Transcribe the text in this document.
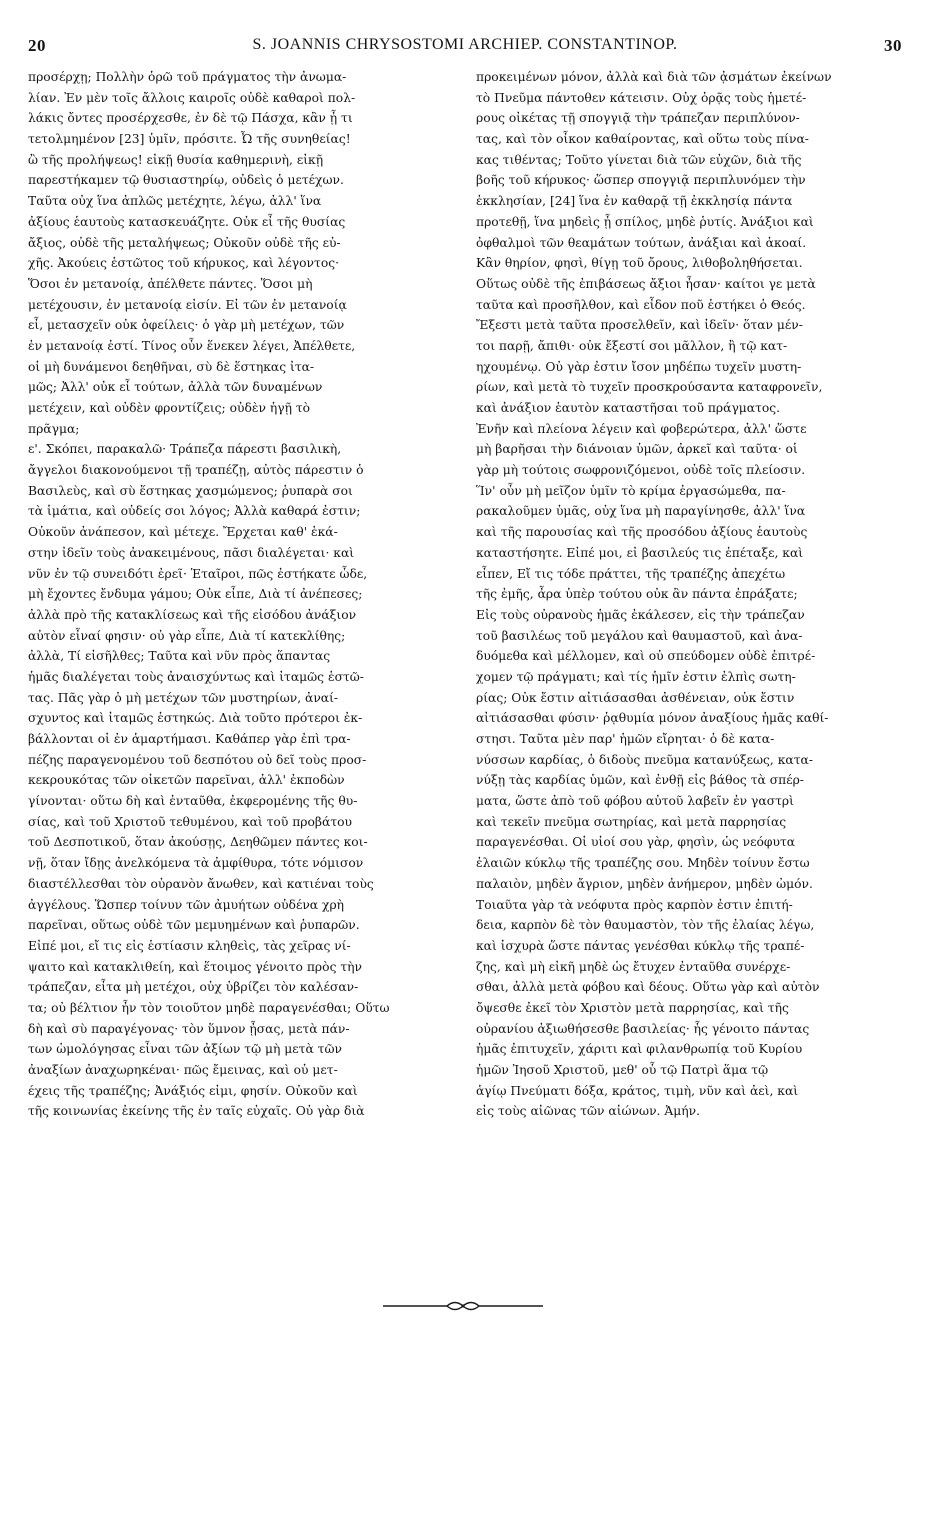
20	S. JOANNIS CHRYSOSTOMI ARCHIEP. CONSTANTINOP.	30
προσέρχῃ; Πολλὴν ὁρῶ τοῦ πράγματος τὴν ἀνωμα-
λίαν. Ἐν μὲν τοῖς ἄλλοις καιροῖς οὐδὲ καθαροὶ πολ-
λάκις ὄντες προσέρχεσθε, ἐν δὲ τῷ Πάσχα, κἂν ᾖ τι
τετολμημένον [23] ὑμῖν, πρόσιτε. Ὦ τῆς συνηθείας!
ὢ τῆς προλήψεως! εἰκῇ θυσία καθημερινὴ, εἰκῇ
παρεστήκαμεν τῷ θυσιαστηρίῳ, οὐδεὶς ὁ μετέχων.
Ταῦτα οὐχ ἵνα ἁπλῶς μετέχητε, λέγω, ἀλλ' ἵνα
ἀξίους ἑαυτοὺς κατασκευάζητε. Οὐκ εἶ τῆς θυσίας
ἄξιος, οὐδὲ τῆς μεταλήψεως; Οὐκοῦν οὐδὲ τῆς εὐ-
χῆς. Ἀκούεις ἑστῶτος τοῦ κήρυκος, καὶ λέγοντος·
Ὅσοι ἐν μετανοίᾳ, ἀπέλθετε πάντες. Ὅσοι μὴ
μετέχουσιν, ἐν μετανοίᾳ εἰσίν. Εἰ τῶν ἐν μετανοίᾳ
εἶ, μετασχεῖν οὐκ ὀφείλεις· ὁ γὰρ μὴ μετέχων, τῶν
ἐν μετανοίᾳ ἐστί. Τίνος οὖν ἕνεκεν λέγει, Ἀπέλθετε,
οἱ μὴ δυνάμενοι δεηθῆναι, σὺ δὲ ἕστηκας ἰτα-
μῶς; Ἀλλ' οὐκ εἶ τούτων, ἀλλὰ τῶν δυναμένων
μετέχειν, καὶ οὐδὲν φροντίζεις; οὐδὲν ἡγῇ τὸ
πρᾶγμα;
ε'. Σκόπει, παρακαλῶ· Τράπεζα πάρεστι βασιλικὴ,
ἄγγελοι διακονούμενοι τῇ τραπέζῃ, αὐτὸς πάρεστιν ὁ
Βασιλεὺς, καὶ σὺ ἕστηκας χασμώμενος; ῥυπαρὰ σοι
τὰ ἱμάτια, καὶ οὐδείς σοι λόγος; Ἀλλὰ καθαρά ἐστιν;
Οὐκοῦν ἀνάπεσον, καὶ μέτεχε. Ἔρχεται καθ' ἑκά-
στην ἰδεῖν τοὺς ἀνακειμένους, πᾶσι διαλέγεται· καὶ
νῦν ἐν τῷ συνειδότι ἐρεῖ· Ἑταῖροι, πῶς ἐστήκατε ὧδε,
μὴ ἔχοντες ἔνδυμα γάμου; Οὐκ εἶπε, Διὰ τί ἀνέπεσες;
ἀλλὰ πρὸ τῆς κατακλίσεως καὶ τῆς εἰσόδου ἀνάξιον
αὐτὸν εἶναί φησιν· οὐ γὰρ εἶπε, Διὰ τί κατεκλίθης;
ἀλλὰ, Τί εἰσῆλθες; Ταῦτα καὶ νῦν πρὸς ἅπαντας
ἡμᾶς διαλέγεται τοὺς ἀναισχύντως καὶ ἰταμῶς ἑστῶ-
τας. Πᾶς γὰρ ὁ μὴ μετέχων τῶν μυστηρίων, ἀναί-
σχυντος καὶ ἰταμῶς ἑστηκώς. Διὰ τοῦτο πρότεροι ἐκ-
βάλλονται οἱ ἐν ἁμαρτήμασι. Καθάπερ γὰρ ἐπὶ τρα-
πέζης παραγενομένου τοῦ δεσπότου οὐ δεῖ τοὺς προσ-
κεκρουκότας τῶν οἰκετῶν παρεῖναι, ἀλλ' ἐκποδὼν
γίνονται· οὕτω δὴ καὶ ἐνταῦθα, ἐκφερομένης τῆς θυ-
σίας, καὶ τοῦ Χριστοῦ τεθυμένου, καὶ τοῦ προβάτου
τοῦ Δεσποτικοῦ, ὅταν ἀκούσῃς, Δεηθῶμεν πάντες κοι-
νῇ, ὅταν ἴδῃς ἀνελκόμενα τὰ ἀμφίθυρα, τότε νόμισον
διαστέλλεσθαι τὸν οὐρανὸν ἄνωθεν, καὶ κατιέναι τοὺς
ἀγγέλους. Ὥσπερ τοίνυν τῶν ἀμυήτων οὐδένα χρὴ
παρεῖναι, οὕτως οὐδὲ τῶν μεμυημένων καὶ ῥυπαρῶν.
Εἰπέ μοι, εἴ τις εἰς ἑστίασιν κληθεὶς, τὰς χεῖρας νί-
ψαιτο καὶ κατακλιθείη, καὶ ἕτοιμος γένοιτο πρὸς τὴν
τράπεζαν, εἶτα μὴ μετέχοι, οὐχ ὑβρίζει τὸν καλέσαν-
τα; οὐ βέλτιον ἦν τὸν τοιοῦτον μηδὲ παραγενέσθαι; Οὕτω
δὴ καὶ σὺ παραγέγονας· τὸν ὕμνον ᾖσας, μετὰ πάν-
των ὡμολόγησας εἶναι τῶν ἀξίων τῷ μὴ μετὰ τῶν
ἀναξίων ἀναχωρηκέναι· πῶς ἔμεινας, καὶ οὐ μετ-
έχεις τῆς τραπέζης; Ἀνάξιός εἰμι, φησίν. Οὐκοῦν καὶ
τῆς κοινωνίας ἐκείνης τῆς ἐν ταῖς εὐχαῖς. Οὐ γὰρ διὰ
προκειμένων μόνον, ἀλλὰ καὶ διὰ τῶν ᾀσμάτων ἐκείνων
τὸ Πνεῦμα πάντοθεν κάτεισιν. Οὐχ ὁρᾷς τοὺς ἡμετέ-
ρους οἰκέτας τῇ σπογγιᾷ τὴν τράπεζαν περιπλύνον-
τας, καὶ τὸν οἶκον καθαίροντας, καὶ οὕτω τοὺς πίνα-
κας τιθέντας; Τοῦτο γίνεται διὰ τῶν εὐχῶν, διὰ τῆς
βοῆς τοῦ κήρυκος· ὥσπερ σπογγιᾷ περιπλυνόμεν τὴν
ἐκκλησίαν, [24] ἵνα ἐν καθαρᾷ τῇ ἐκκλησίᾳ πάντα
προτεθῇ, ἵνα μηδεὶς ᾖ σπίλος, μηδὲ ῥυτίς. Ἀνάξιοι καὶ
ὀφθαλμοὶ τῶν θεαμάτων τούτων, ἀνάξιαι καὶ ἀκοαί.
Κἂν θηρίον, φησὶ, θίγῃ τοῦ ὄρους, λιθοβοληθήσεται.
Οὕτως οὐδὲ τῆς ἐπιβάσεως ἄξιοι ἦσαν· καίτοι γε μετὰ
ταῦτα καὶ προσῆλθον, καὶ εἶδον ποῦ ἑστήκει ὁ Θεός.
Ἔξεστι μετὰ ταῦτα προσελθεῖν, καὶ ἰδεῖν· ὅταν μέν-
τοι παρῇ, ἄπιθι· οὐκ ἔξεστί σοι μᾶλλον, ἢ τῷ κατ-
ηχουμένῳ. Οὐ γὰρ ἐστιν ἴσον μηδέπω τυχεῖν μυστη-
ρίων, καὶ μετὰ τὸ τυχεῖν προσκρούσαντα καταφρονεῖν,
καὶ ἀνάξιον ἑαυτὸν καταστῆσαι τοῦ πράγματος.
Ἐνῆν καὶ πλείονα λέγειν καὶ φοβερώτερα, ἀλλ' ὥστε
μὴ βαρῆσαι τὴν διάνοιαν ὑμῶν, ἀρκεῖ καὶ ταῦτα· οἱ
γὰρ μὴ τούτοις σωφρονιζόμενοι, οὐδὲ τοῖς πλείοσιν.
Ἵν' οὖν μὴ μεῖζον ὑμῖν τὸ κρίμα ἐργασώμεθα, πα-
ρακαλοῦμεν ὑμᾶς, οὐχ ἵνα μὴ παραγίνησθε, ἀλλ' ἵνα
καὶ τῆς παρουσίας καὶ τῆς προσόδου ἀξίους ἑαυτοὺς
καταστήσητε. Εἰπέ μοι, εἰ βασιλεύς τις ἐπέταξε, καὶ
εἶπεν, Εἴ τις τόδε πράττει, τῆς τραπέζης ἀπεχέτω
τῆς ἐμῆς, ἆρα ὑπὲρ τούτου οὐκ ἂν πάντα ἐπράξατε;
Εἰς τοὺς οὐρανοὺς ἡμᾶς ἐκάλεσεν, εἰς τὴν τράπεζαν
τοῦ βασιλέως τοῦ μεγάλου καὶ θαυμαστοῦ, καὶ ἀνα-
δυόμεθα καὶ μέλλομεν, καὶ οὐ σπεύδομεν οὐδὲ ἐπιτρέ-
χομεν τῷ πράγματι; καὶ τίς ἡμῖν ἐστιν ἐλπὶς σωτη-
ρίας; Οὐκ ἔστιν αἰτιάσασθαι ἀσθένειαν, οὐκ ἔστιν
αἰτιάσασθαι φύσιν· ῥᾳθυμία μόνον ἀναξίους ἡμᾶς καθί-
στησι. Ταῦτα μὲν παρ' ἡμῶν εἴρηται· ὁ δὲ κατα-
νύσσων καρδίας, ὁ διδοὺς πνεῦμα κατανύξεως, κατα-
νύξῃ τὰς καρδίας ὑμῶν, καὶ ἐνθῇ εἰς βάθος τὰ σπέρ-
ματα, ὥστε ἀπὸ τοῦ φόβου αὐτοῦ λαβεῖν ἐν γαστρὶ
καὶ τεκεῖν πνεῦμα σωτηρίας, καὶ μετὰ παρρησίας
παραγενέσθαι. Οἱ υἱοί σου γὰρ, φησὶν, ὡς νεόφυτα
ἐλαιῶν κύκλῳ τῆς τραπέζης σου. Μηδὲν τοίνυν ἔστω
παλαιὸν, μηδὲν ἄγριον, μηδὲν ἀνήμερον, μηδὲν ὠμόν.
Τοιαῦτα γὰρ τὰ νεόφυτα πρὸς καρπὸν ἐστιν ἐπιτή-
δεια, καρπὸν δὲ τὸν θαυμαστὸν, τὸν τῆς ἐλαίας λέγω,
καὶ ἰσχυρὰ ὥστε πάντας γενέσθαι κύκλῳ τῆς τραπέ-
ζης, καὶ μὴ εἰκῆ μηδὲ ὡς ἔτυχεν ἐνταῦθα συνέρχε-
σθαι, ἀλλὰ μετὰ φόβου καὶ δέους. Οὕτω γὰρ καὶ αὐτὸν
ὄψεσθε ἐκεῖ τὸν Χριστὸν μετὰ παρρησίας, καὶ τῆς
οὐρανίου ἀξιωθήσεσθε βασιλείας· ἧς γένοιτο πάντας
ἡμᾶς ἐπιτυχεῖν, χάριτι καὶ φιλανθρωπίᾳ τοῦ Κυρίου
ἡμῶν Ἰησοῦ Χριστοῦ, μεθ' οὗ τῷ Πατρὶ ἅμα τῷ
ἁγίῳ Πνεύματι δόξα, κράτος, τιμὴ, νῦν καὶ ἀεὶ, καὶ
εἰς τοὺς αἰῶνας τῶν αἰώνων. Ἀμήν.
